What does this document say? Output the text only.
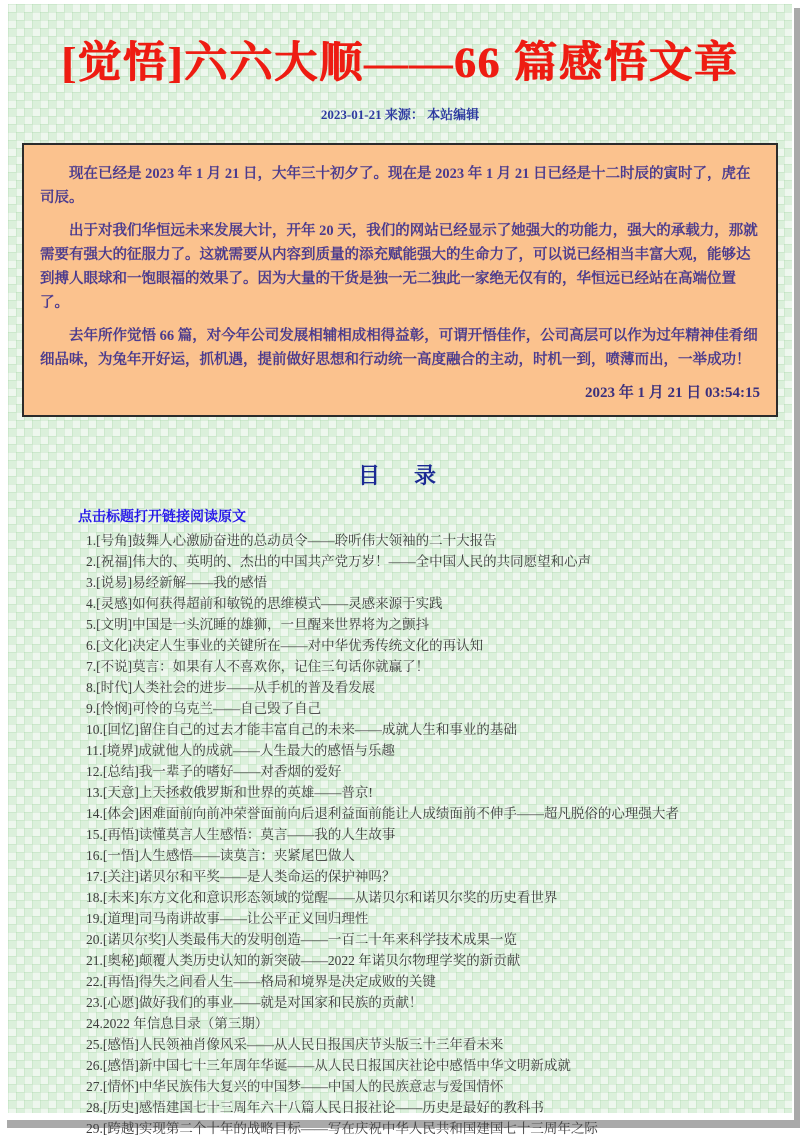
[觉悟]六六大顺——66 篇感悟文章
2023-01-21 来源： 本站编辑

现在已经是 2023 年 1 月 21 日，大年三十初夕了。现在是 2023 年 1 月 21 日已经是十二时辰的寅时了，虎在司辰。

出于对我们华恒远未来发展大计，开年 20 天，我们的网站已经显示了她强大的功能力，强大的承载力，那就需要有强大的征服力了。这就需要从内容到质量的添充赋能强大的生命力了，可以说已经相当丰富大观，能够达到搏人眼球和一饱眼福的效果了。因为大量的干货是独一无二独此一家绝无仅有的，华恒远已经站在高端位置了。

去年所作觉悟 66 篇，对今年公司发展相辅相成相得益彰，可谓开悟佳作，公司高层可以作为过年精神佳肴细细品味，为兔年开好运，抓机遇，提前做好思想和行动统一高度融合的主动，时机一到，喷薄而出，一举成功！

2023 年 1 月 21 日 03:54:15
目　录
点击标题打开链接阅读原文
1.[号角]鼓舞人心激励奋进的总动员令——聆听伟大领袖的二十大报告
2.[祝福]伟大的、英明的、杰出的中国共产党万岁！——全中国人民的共同愿望和心声
3.[说易]易经新解——我的感悟
4.[灵感]如何获得超前和敏锐的思维模式——灵感来源于实践
5.[文明]中国是一头沉睡的雄狮，一旦醒来世界将为之颤抖
6.[文化]决定人生事业的关键所在——对中华优秀传统文化的再认知
7.[不说]莫言：如果有人不喜欢你，记住三句话你就赢了！
8.[时代]人类社会的进步——从手机的普及看发展
9.[怜悯]可怜的乌克兰——自己毁了自己
10.[回忆]留住自己的过去才能丰富自己的未来——成就人生和事业的基础
11.[境界]成就他人的成就——人生最大的感悟与乐趣
12.[总结]我一辈子的嗜好——对香烟的爱好
13.[天意]上天拯救俄罗斯和世界的英雄——普京!
14.[体会]困难面前向前冲荣誉面前向后退利益面前能让人成绩面前不伸手——超凡脱俗的心理强大者
15.[再悟]读懂莫言人生感悟：莫言——我的人生故事
16.[一悟]人生感悟——读莫言：夹紧尾巴做人
17.[关注]诺贝尔和平奖——是人类命运的保护神吗？
18.[未来]东方文化和意识形态领域的觉醒——从诺贝尔和诺贝尔奖的历史看世界
19.[道理]司马南讲故事——让公平正义回归理性
20.[诺贝尔奖]人类最伟大的发明创造——一百二十年来科学技术成果一览
21.[奥秘]颠覆人类历史认知的新突破——2022 年诺贝尔物理学奖的新贡献
22.[再悟]得失之间看人生——格局和境界是决定成败的关键
23.[心愿]做好我们的事业——就是对国家和民族的贡献！
24.2022 年信息目录（第三期）
25.[感悟]人民领袖肖像风采——从人民日报国庆节头版三十三年看未来
26.[感悟]新中国七十三年周年华诞——从人民日报国庆社论中感悟中华文明新成就
27.[情怀]中华民族伟大复兴的中国梦——中国人的民族意志与爱国情怀
28.[历史]感悟建国七十三周年六十八篇人民日报社论——历史是最好的教科书
29.[跨越]实现第二个十年的战略目标——写在庆祝中华人民共和国建国七十三周年之际
